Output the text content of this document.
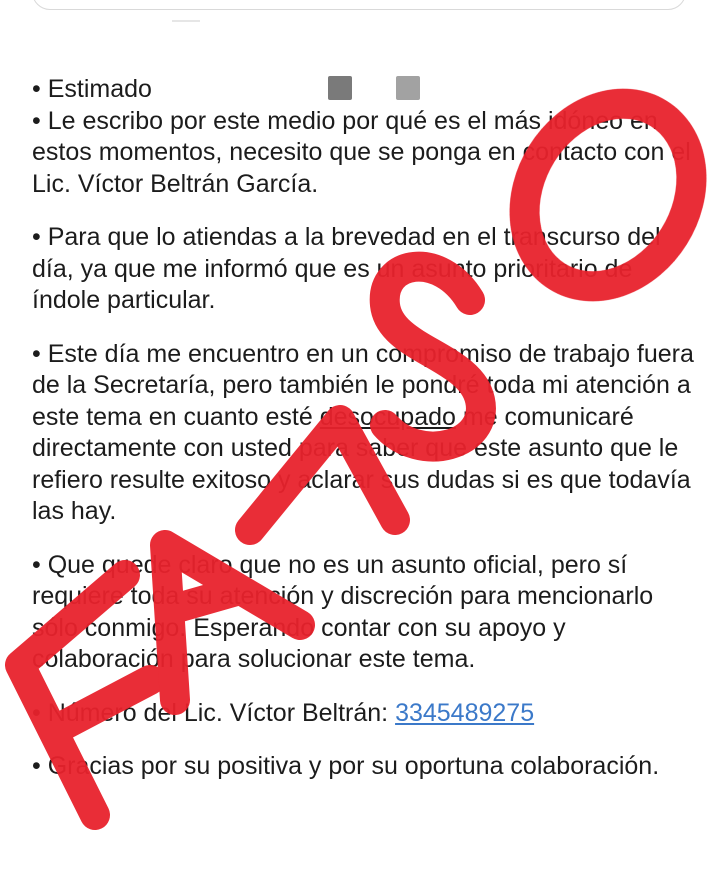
• Estimado
• Le escribo por este medio por qué es el más idóneo en estos momentos, necesito que se ponga en contacto con el Lic. Víctor Beltrán García.

• Para que lo atiendas a la brevedad en el transcurso del día, ya que me informó que es un asunto prioritario de índole particular.

• Este día me encuentro en un compromiso de trabajo fuera de la Secretaría, pero también le pondré toda mi atención a este tema en cuanto esté desocupado me comunicaré directamente con usted para saber que este asunto que le refiero resulte exitoso y aclarar sus dudas si es que todavía las hay.

• Que quede claro que no es un asunto oficial, pero sí requiere toda su atención y discreción para mencionarlo sólo conmigo. Esperando contar con su apoyo y colaboración para solucionar este tema.

• Número del Lic. Víctor Beltrán: 3345489275

• Gracias por su positiva y por su oportuna colaboración.
